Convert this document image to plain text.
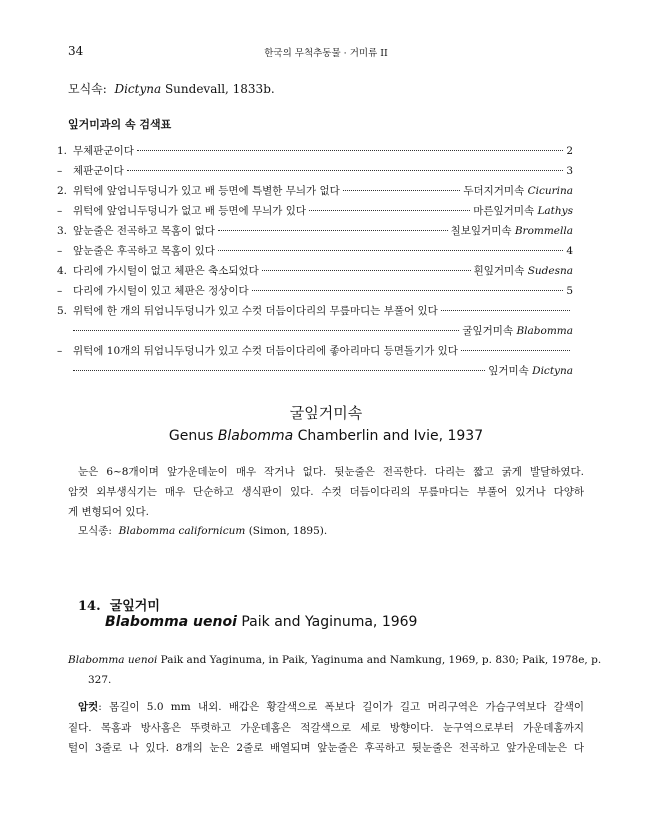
34	한국의 무척추동물 · 거미류 II
모식속: Dictyna Sundevall, 1833b.
잎거미과의 속 검색표
1. 무체판군이다	2
–	체판군이다	3
2. 위턱에 앞엄니두덩니가 있고 배 등면에 특별한 무늬가 없다	두더지거미속 Cicurina
–	위턱에 앞엄니두덩니가 없고 배 등면에 무늬가 있다	마른잎거미속 Lathys
3. 앞눈줄은 전곡하고 목홈이 없다	칠보잎거미속 Brommella
–	앞눈줄은 후곡하고 목홈이 있다	4
4. 다리에 가시털이 없고 체판은 축소되었다	흰잎거미속 Sudesna
–	다리에 가시털이 있고 체판은 정상이다	5
5. 위턱에 한 개의 뒤엄니두덩니가 있고 수컷 더듬이다리의 무릎마디는 부풀어 있다
굴잎거미속 Blabomma
–	위턱에 10개의 뒤엄니두덩니가 있고 수컷 더듬이다리에 좋아리마디 등면돌기가 있다
잎거미속 Dictyna
굴잎거미속
Genus Blabomma Chamberlin and Ivie, 1937
눈은 6~8개이며 앞가운데눈이 매우 작거나 없다. 뒷눈줄은 전곡한다. 다리는 짧고 굵게 발달하였다.
암컷 외부생식기는 매우 단순하고 생식판이 있다. 수컷 더듬이다리의 무릎마디는 부풀어 있거나 다양하
게 변형되어 있다.
모식종: Blabomma californicum (Simon, 1895).
14. 굴잎거미
Blabomma uenoi Paik and Yaginuma, 1969
Blabomma uenoi Paik and Yaginuma, in Paik, Yaginuma and Namkung, 1969, p. 830; Paik, 1978e, p.
327.
암컷: 몸길이 5.0 mm 내외. 배갑은 황갈색으로 폭보다 길이가 길고 머리구역은 가슴구역보다 갈색이
짙다. 목홈과 방사홈은 뚜렷하고 가운데홈은 적갈색으로 세로 방향이다. 눈구역으로부터 가운데홈까지
털이 3줄로 나 있다. 8개의 눈은 2줄로 배열되며 앞눈줄은 후곡하고 뒷눈줄은 전곡하고 앞가운데눈은 다
